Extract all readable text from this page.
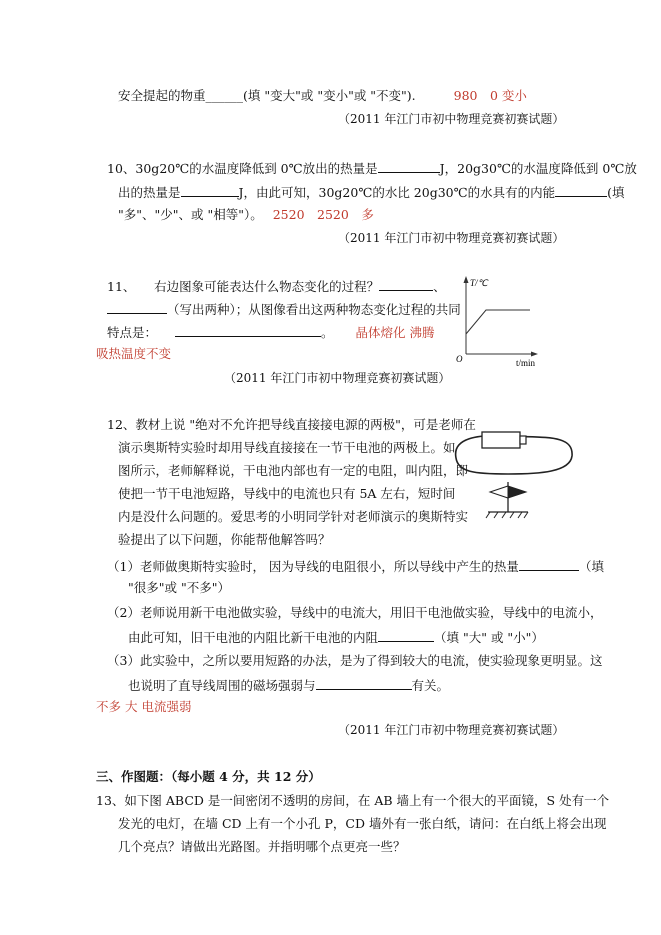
安全提起的物重______(填 "变大"或 "变小"或 "不变").	980　0 变小
（2011 年江门市初中物理竞赛初赛试题）
10、30g20℃的水温度降低到 0℃放出的热量是	J，20g30℃的水温度降低到 0℃放
出的热量是	J，由此可知，30g20℃的水比 20g30℃的水具有的内能	(填
"多"、"少"、或 "相等"）。 2520　2520　多
（2011 年江门市初中物理竞赛初赛试题）
11、　　右边图象可能表达什么物态变化的过程？	、
（写出两种）；从图像看出这两种物态变化过程的共同
特点是：	。 晶体熔化 沸腾
吸热温度不变
（2011 年江门市初中物理竞赛初赛试题）
T/℃
O	t/min
12、教材上说 "绝对不允许把导线直接接电源的两极"，可是老师在
演示奥斯特实验时却用导线直接接在一节干电池的两极上。如
图所示，老师解释说，干电池内部也有一定的电阻，叫内阻，即
使把一节干电池短路，导线中的电流也只有 5A 左右，短时间
内是没什么问题的。爱思考的小明同学针对老师演示的奥斯特实
验提出了以下问题，你能帮他解答吗？
（1）老师做奥斯特实验时， 因为导线的电阻很小，所以导线中产生的热量	（填
"很多"或 "不多"）
（2）老师说用新干电池做实验，导线中的电流大，用旧干电池做实验，导线中的电流小，
由此可知，旧干电池的内阻比新干电池的内阻	（填 "大" 或 "小"）
（3）此实验中，之所以要用短路的办法，是为了得到较大的电流，使实验现象更明显。这
也说明了直导线周围的磁场强弱与	有关。
不多 大 电流强弱
（2011 年江门市初中物理竞赛初赛试题）
三、作图题：（每小题 4 分，共 12 分）
13、如下图 ABCD 是一间密闭不透明的房间，在 AB 墙上有一个很大的平面镜，S 处有一个
发光的电灯，在墙 CD 上有一个小孔 P，CD 墙外有一张白纸，请问：在白纸上将会出现
几个亮点？请做出光路图。并指明哪个点更亮一些？
